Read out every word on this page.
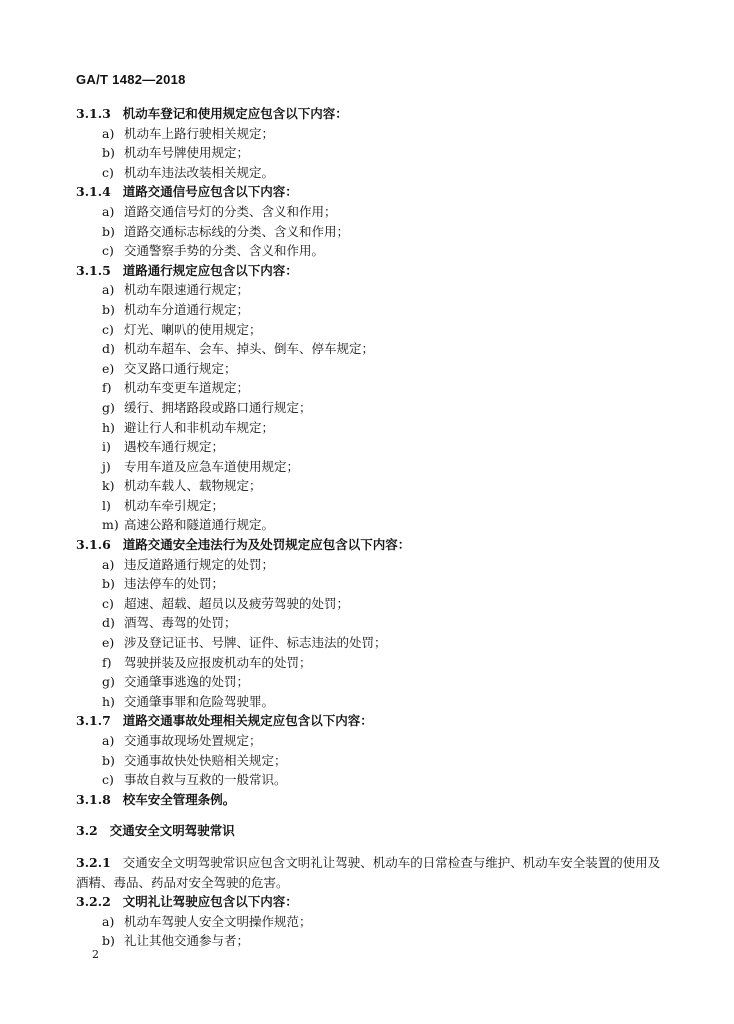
GA/T 1482—2018
3.1.3 机动车登记和使用规定应包含以下内容：
a) 机动车上路行驶相关规定；
b) 机动车号牌使用规定；
c) 机动车违法改装相关规定。
3.1.4 道路交通信号应包含以下内容：
a) 道路交通信号灯的分类、含义和作用；
b) 道路交通标志标线的分类、含义和作用；
c) 交通警察手势的分类、含义和作用。
3.1.5 道路通行规定应包含以下内容：
a) 机动车限速通行规定；
b) 机动车分道通行规定；
c) 灯光、喇叭的使用规定；
d) 机动车超车、会车、掉头、倒车、停车规定；
e) 交叉路口通行规定；
f) 机动车变更车道规定；
g) 缓行、拥堵路段或路口通行规定；
h) 避让行人和非机动车规定；
i) 遇校车通行规定；
j) 专用车道及应急车道使用规定；
k) 机动车载人、载物规定；
l) 机动车牵引规定；
m) 高速公路和隧道通行规定。
3.1.6 道路交通安全违法行为及处罚规定应包含以下内容：
a) 违反道路通行规定的处罚；
b) 违法停车的处罚；
c) 超速、超载、超员以及疲劳驾驶的处罚；
d) 酒驾、毒驾的处罚；
e) 涉及登记证书、号牌、证件、标志违法的处罚；
f) 驾驶拼装及应报废机动车的处罚；
g) 交通肇事逃逸的处罚；
h) 交通肇事罪和危险驾驶罪。
3.1.7 道路交通事故处理相关规定应包含以下内容：
a) 交通事故现场处置规定；
b) 交通事故快处快赔相关规定；
c) 事故自救与互救的一般常识。
3.1.8 校车安全管理条例。
3.2 交通安全文明驾驶常识
3.2.1 交通安全文明驾驶常识应包含文明礼让驾驶、机动车的日常检查与维护、机动车安全装置的使用及酒精、毒品、药品对安全驾驶的危害。
3.2.2 文明礼让驾驶应包含以下内容：
a) 机动车驾驶人安全文明操作规范；
b) 礼让其他交通参与者；
2
